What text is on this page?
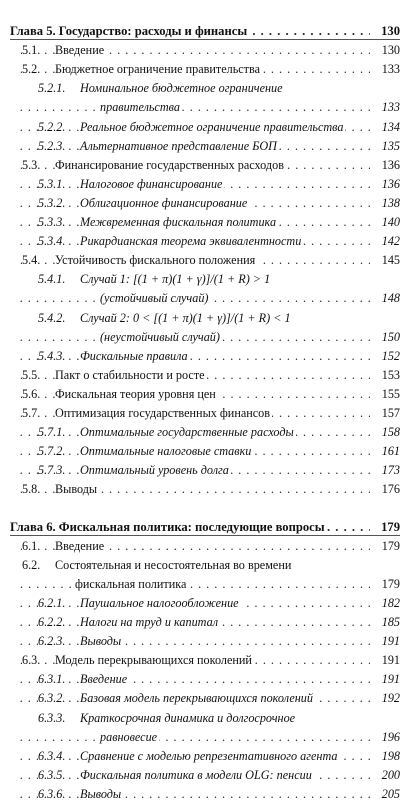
. . .
Глава 5. Государство: расходы и финансы	130
. . .
5.1. Введение	130
. . .
5.2. Бюджетное ограничение правительства	133
5.2.1. Номинальное бюджетное ограничение
. . .
правительства	133
. . .
5.2.2. Реальное бюджетное ограничение правительства	134
. . .
5.2.3. Альтернативное представление БОП	135
. . .
5.3. Финансирование государственных расходов	136
. . .
5.3.1. Налоговое финансирование	136
. . .
5.3.2. Облигационное финансирование	138
. . .
5.3.3. Межвременная фискальная политика	140
. . .
5.3.4. Рикардианская теорема эквивалентности	142
. . .
5.4. Устойчивость фискального положения	145
5.4.1. Случай 1: [(1 + π)(1 + γ)]/(1 + R) > 1
. . .
(устойчивый случай)	148
5.4.2. Случай 2: 0 < [(1 + π)(1 + γ)]/(1 + R) < 1
. . .
(неустойчивый случай)	150
. . .
5.4.3. Фискальные правила	152
. . .
5.5. Пакт о стабильности и росте	153
. . .
5.6. Фискальная теория уровня цен	155
. . .
5.7. Оптимизация государственных финансов	157
. . .
5.7.1. Оптимальные государственные расходы	158
. . .
5.7.2. Оптимальные налоговые ставки	161
. . .
5.7.3. Оптимальный уровень долга	173
. . .
5.8. Выводы	176
. . .
Глава 6. Фискальная политика: последующие вопросы	179
. . .
6.1. Введение	179
6.2. Состоятельная и несостоятельная во времени
. . .
фискальная политика	179
. . .
6.2.1. Паушальное налогообложение	182
. . .
6.2.2. Налоги на труд и капитал	185
. . .
6.2.3. Выводы	191
. . .
6.3. Модель перекрывающихся поколений	191
. . .
6.3.1. Введение	191
. . .
6.3.2. Базовая модель перекрывающихся поколений	192
6.3.3. Краткосрочная динамика и долгосрочное
. . .
равновесие	196
. . .
6.3.4. Сравнение с моделью репрезентативного агента	198
. . .
6.3.5. Фискальная политика в модели OLG: пенсии	200
. . .
6.3.6. Выводы	205
